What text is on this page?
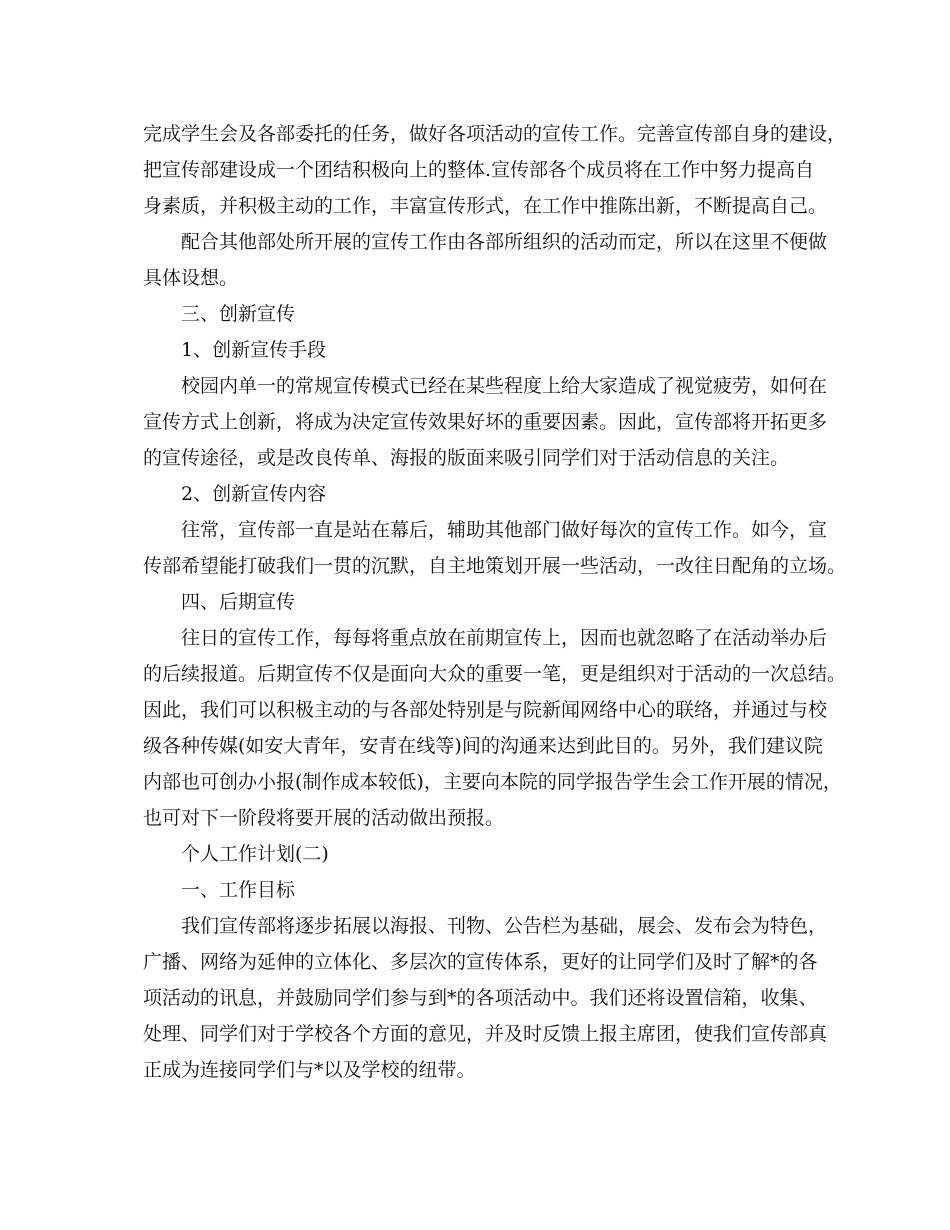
完成学生会及各部委托的任务，做好各项活动的宣传工作。完善宣传部自身的建设，
把宣传部建设成一个团结积极向上的整体.宣传部各个成员将在工作中努力提高自
身素质，并积极主动的工作，丰富宣传形式，在工作中推陈出新，不断提高自己。
配合其他部处所开展的宣传工作由各部所组织的活动而定，所以在这里不便做
具体设想。
三、创新宣传
1、创新宣传手段
校园内单一的常规宣传模式已经在某些程度上给大家造成了视觉疲劳，如何在
宣传方式上创新，将成为决定宣传效果好坏的重要因素。因此，宣传部将开拓更多
的宣传途径，或是改良传单、海报的版面来吸引同学们对于活动信息的关注。
2、创新宣传内容
往常，宣传部一直是站在幕后，辅助其他部门做好每次的宣传工作。如今，宣
传部希望能打破我们一贯的沉默，自主地策划开展一些活动，一改往日配角的立场。
四、后期宣传
往日的宣传工作，每每将重点放在前期宣传上，因而也就忽略了在活动举办后
的后续报道。后期宣传不仅是面向大众的重要一笔，更是组织对于活动的一次总结。
因此，我们可以积极主动的与各部处特别是与院新闻网络中心的联络，并通过与校
级各种传媒(如安大青年，安青在线等)间的沟通来达到此目的。另外，我们建议院
内部也可创办小报(制作成本较低)，主要向本院的同学报告学生会工作开展的情况，
也可对下一阶段将要开展的活动做出预报。
个人工作计划(二)
一、工作目标
我们宣传部将逐步拓展以海报、刊物、公告栏为基础，展会、发布会为特色，
广播、网络为延伸的立体化、多层次的宣传体系，更好的让同学们及时了解*的各
项活动的讯息，并鼓励同学们参与到*的各项活动中。我们还将设置信箱，收集、
处理、同学们对于学校各个方面的意见，并及时反馈上报主席团，使我们宣传部真
正成为连接同学们与*以及学校的纽带。
